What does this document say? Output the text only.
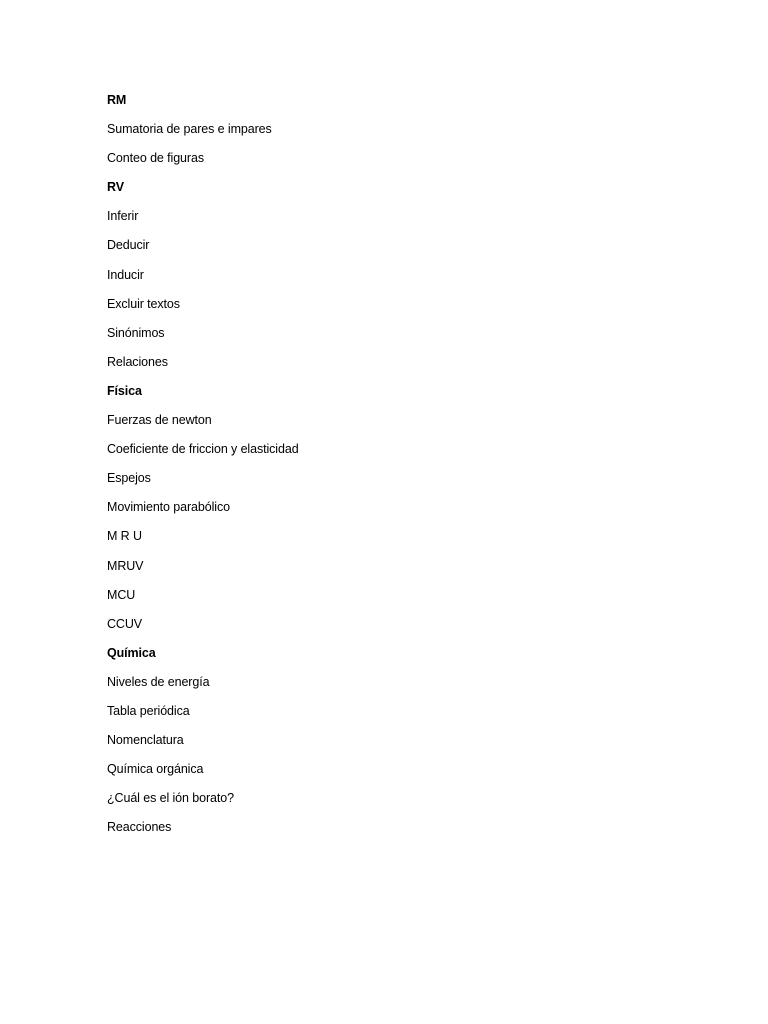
RM
Sumatoria de pares e impares
Conteo de figuras
RV
Inferir
Deducir
Inducir
Excluir textos
Sinónimos
Relaciones
Física
Fuerzas de newton
Coeficiente de friccion y elasticidad
Espejos
Movimiento parabólico
M R U
MRUV
MCU
CCUV
Química
Niveles de energía
Tabla periódica
Nomenclatura
Química orgánica
¿Cuál es el ión borato?
Reacciones
